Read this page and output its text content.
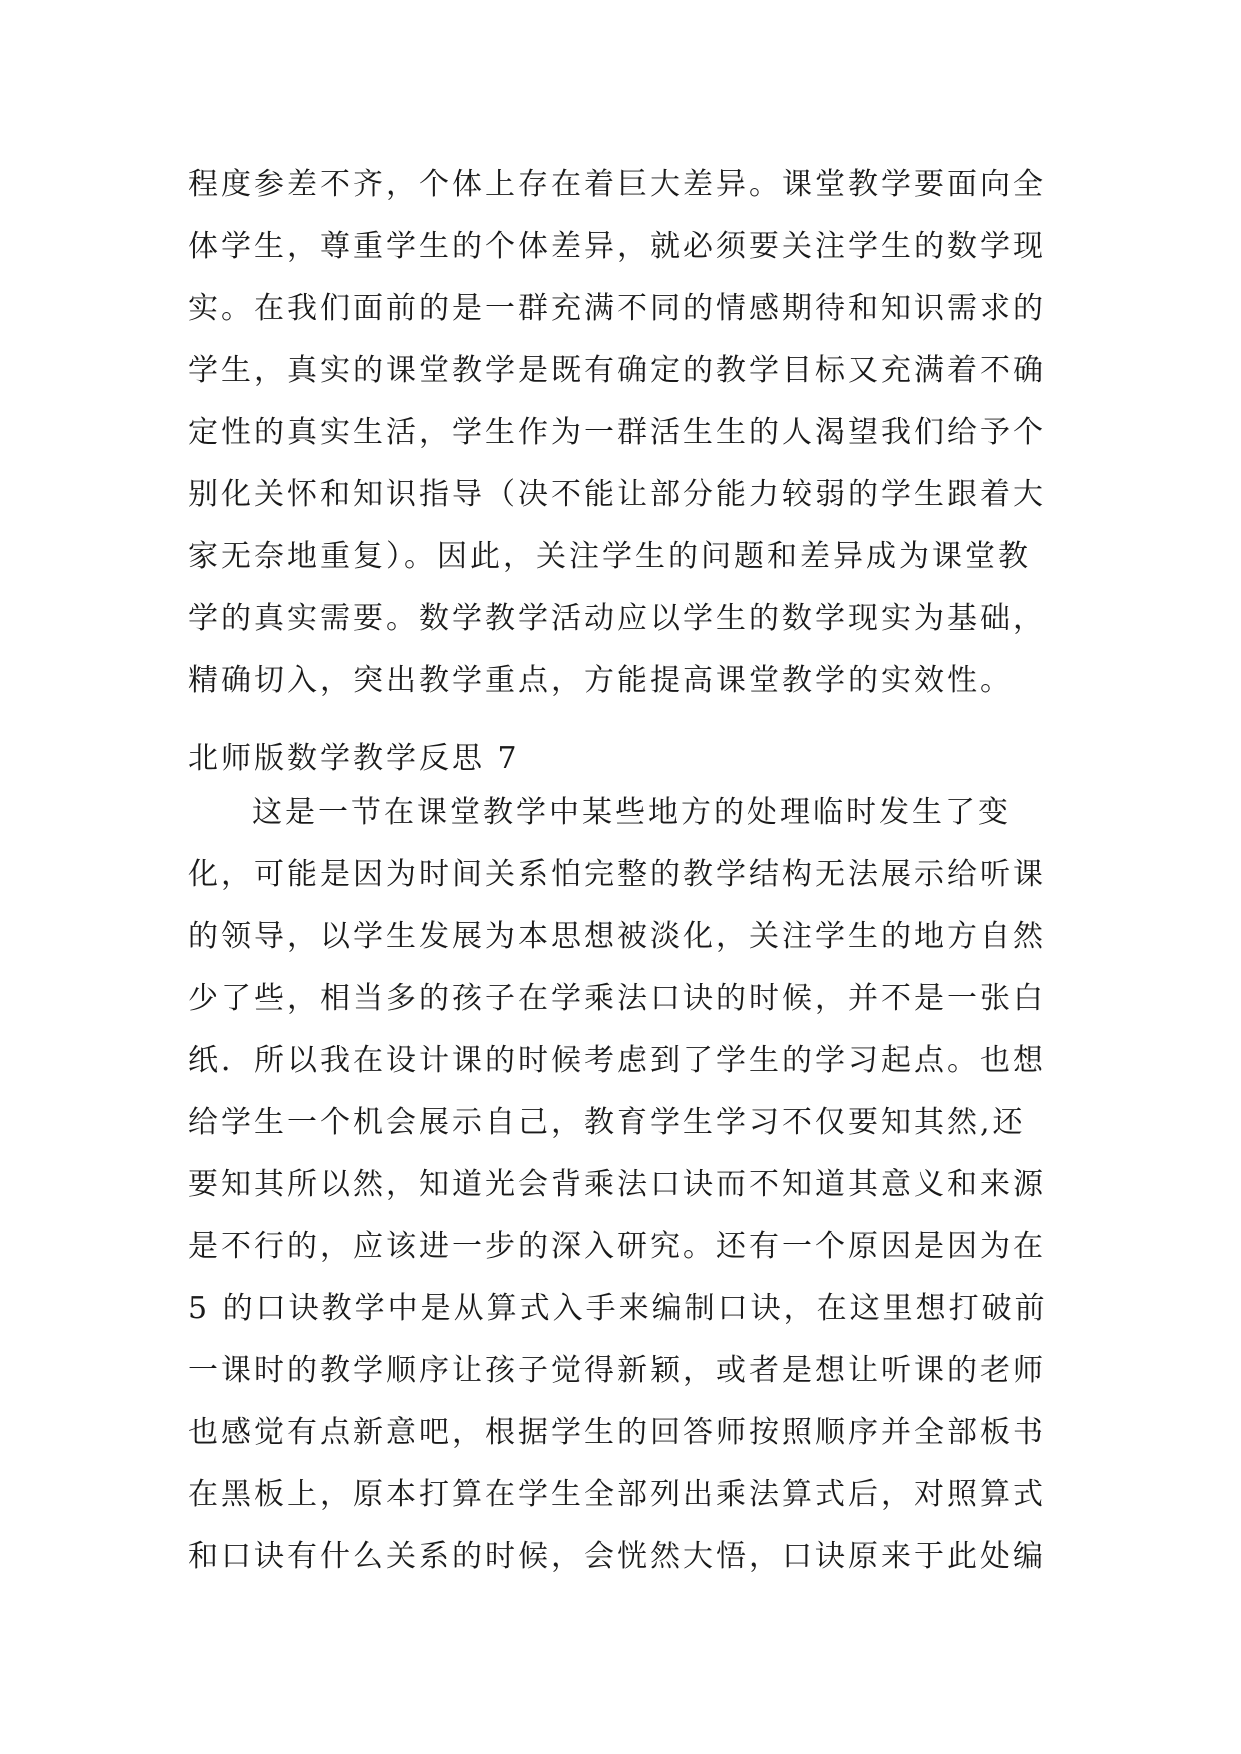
程度参差不齐，个体上存在着巨大差异。课堂教学要面向全
体学生，尊重学生的个体差异，就必须要关注学生的数学现
实。在我们面前的是一群充满不同的情感期待和知识需求的
学生，真实的课堂教学是既有确定的教学目标又充满着不确
定性的真实生活，学生作为一群活生生的人渴望我们给予个
别化关怀和知识指导（决不能让部分能力较弱的学生跟着大
家无奈地重复）。因此，关注学生的问题和差异成为课堂教
学的真实需要。数学教学活动应以学生的数学现实为基础，
精确切入，突出教学重点，方能提高课堂教学的实效性。
北师版数学教学反思 7
这是一节在课堂教学中某些地方的处理临时发生了变
化，可能是因为时间关系怕完整的教学结构无法展示给听课
的领导，以学生发展为本思想被淡化，关注学生的地方自然
少了些，相当多的孩子在学乘法口诀的时候，并不是一张白
纸．所以我在设计课的时候考虑到了学生的学习起点。也想
给学生一个机会展示自己，教育学生学习不仅要知其然,还
要知其所以然，知道光会背乘法口诀而不知道其意义和来源
是不行的，应该进一步的深入研究。还有一个原因是因为在
5 的口诀教学中是从算式入手来编制口诀，在这里想打破前
一课时的教学顺序让孩子觉得新颖，或者是想让听课的老师
也感觉有点新意吧，根据学生的回答师按照顺序并全部板书
在黑板上，原本打算在学生全部列出乘法算式后，对照算式
和口诀有什么关系的时候，会恍然大悟，口诀原来于此处编
